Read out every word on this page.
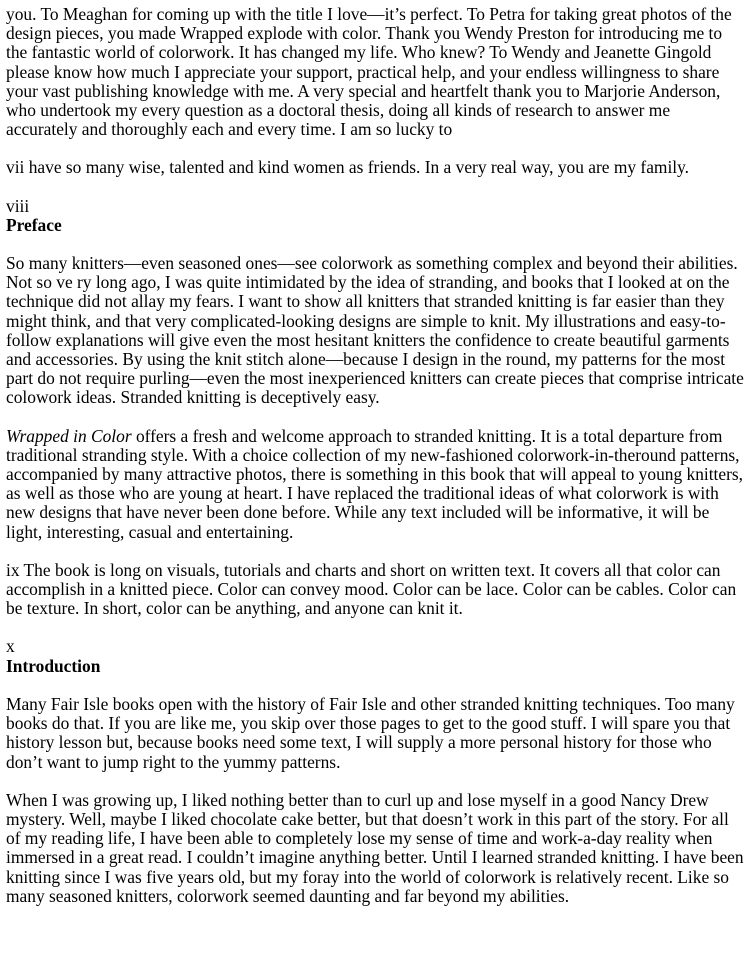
you. To Meaghan for coming up with the title I love—it’s perfect. To Petra for taking great photos of the design pieces, you made Wrapped explode with color. Thank you Wendy Preston for introducing me to the fantastic world of colorwork. It has changed my life. Who knew? To Wendy and Jeanette Gingold please know how much I appreciate your support, practical help, and your endless willingness to share your vast publishing knowledge with me. A very special and heartfelt thank you to Marjorie Anderson, who undertook my every question as a doctoral thesis, doing all kinds of research to answer me accurately and thoroughly each and every time. I am so lucky to

vii have so many wise, talented and kind women as friends. In a very real way, you are my family.

viii

Preface

So many knitters—even seasoned ones—see colorwork as something complex and beyond their abilities. Not so ve ry long ago, I was quite intimidated by the idea of stranding, and books that I looked at on the technique did not allay my fears. I want to show all knitters that stranded knitting is far easier than they might think, and that very complicated-looking designs are simple to knit. My illustrations and easy-to-follow explanations will give even the most hesitant knitters the confidence to create beautiful garments and accessories. By using the knit stitch alone—because I design in the round, my patterns for the most part do not require purling—even the most inexperienced knitters can create pieces that comprise intricate colowork ideas. Stranded knitting is deceptively easy.

Wrapped in Color offers a fresh and welcome approach to stranded knitting. It is a total departure from traditional stranding style. With a choice collection of my new-fashioned colorwork-in-theround patterns, accompanied by many attractive photos, there is something in this book that will appeal to young knitters, as well as those who are young at heart. I have replaced the traditional ideas of what colorwork is with new designs that have never been done before. While any text included will be informative, it will be light, interesting, casual and entertaining.

ix The book is long on visuals, tutorials and charts and short on written text. It covers all that color can accomplish in a knitted piece. Color can convey mood. Color can be lace. Color can be cables. Color can be texture. In short, color can be anything, and anyone can knit it.

x

Introduction

Many Fair Isle books open with the history of Fair Isle and other stranded knitting techniques. Too many books do that. If you are like me, you skip over those pages to get to the good stuff. I will spare you that history lesson but, because books need some text, I will supply a more personal history for those who don’t want to jump right to the yummy patterns.

When I was growing up, I liked nothing better than to curl up and lose myself in a good Nancy Drew mystery. Well, maybe I liked chocolate cake better, but that doesn’t work in this part of the story. For all of my reading life, I have been able to completely lose my sense of time and work-a-day reality when immersed in a great read. I couldn’t imagine anything better. Until I learned stranded knitting. I have been knitting since I was five years old, but my foray into the world of colorwork is relatively recent. Like so many seasoned knitters, colorwork seemed daunting and far beyond my abilities.
